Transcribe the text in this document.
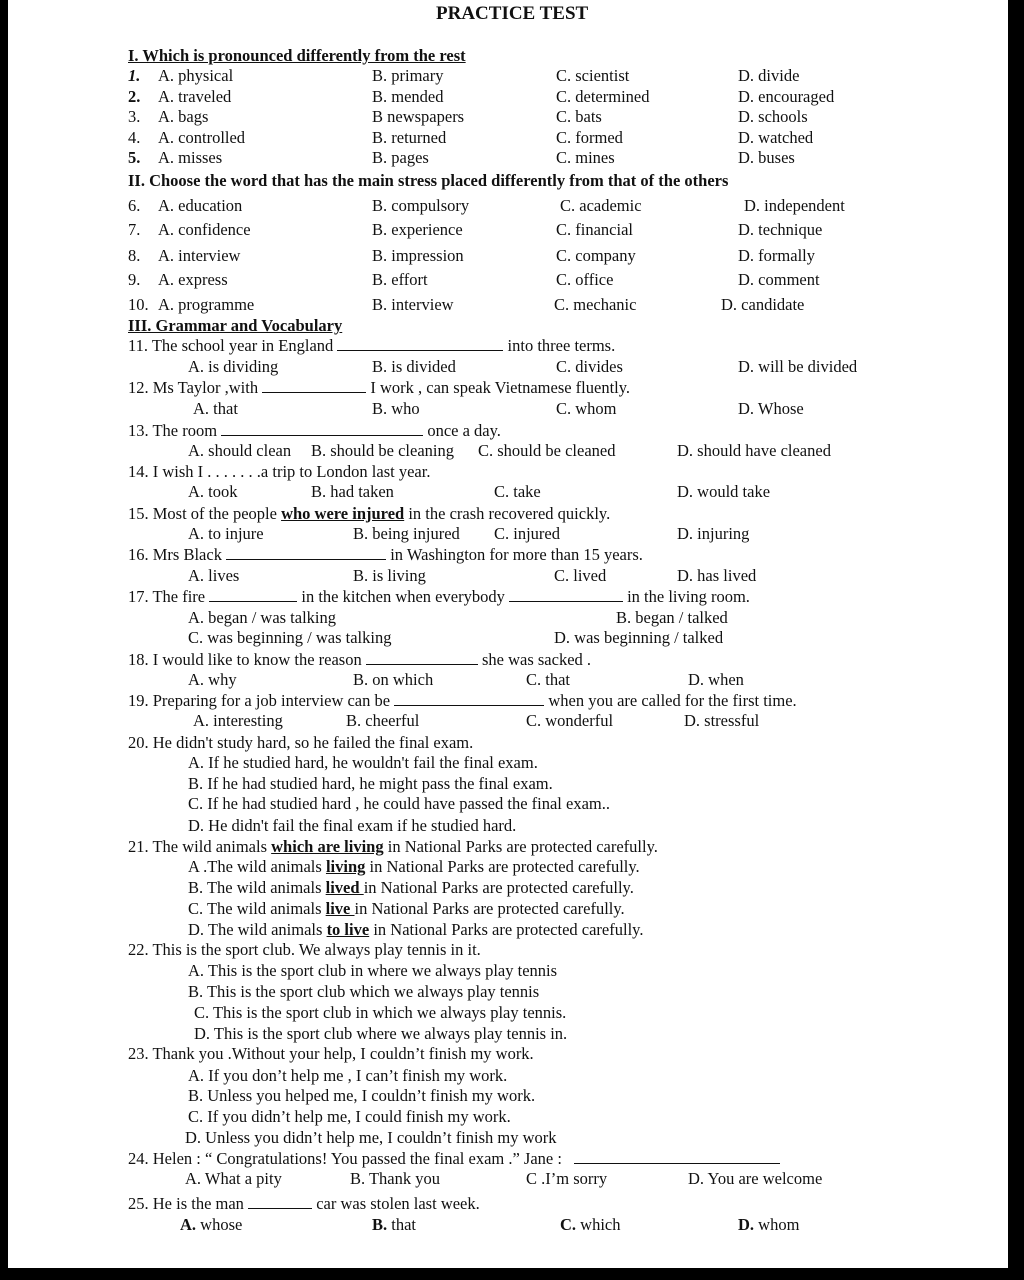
PRACTICE TEST
I. Which is pronounced differently from the rest
1. A. physical	B. primary	C. scientist	D. divide
2. A. traveled	B. mended	C. determined	D. encouraged
3. A. bags	B newspapers	C. bats	D. schools
4. A. controlled	B. returned	C. formed	D. watched
5. A. misses	B. pages	C. mines	D. buses
II. Choose the word that has the main stress placed differently from that of the others
6. A. education	B. compulsory	C. academic	D. independent
7. A. confidence	B. experience	C. financial	D. technique
8. A. interview	B. impression	C. company	D. formally
9. A. express	B. effort	C. office	D. comment
10. A. programme	B. interview	C. mechanic	D. candidate
III. Grammar and Vocabulary
11. The school year in England	into three terms.
A. is dividing	B. is divided	C. divides	D. will be divided
12. Ms Taylor ,with	I work , can speak Vietnamese fluently.
A. that	B. who	C. whom	D. Whose
13. The room	once a day.
A. should clean B. should be cleaning C. should be cleaned	D. should have cleaned
14. I wish I . . . . . . .a trip to London last year.
A. took	B. had taken	C. take	D. would take
15. Most of the people who were injured in the crash recovered quickly.
A. to injure	B. being injured C. injured	D. injuring
16. Mrs Black	in Washington for more than 15 years.
A. lives	B. is living	C. lived	D. has lived
17. The fire	in the kitchen when everybody	in the living room.
A. began / was talking	B. began / talked
C. was beginning / was talking	D. was beginning / talked
18. I would like to know the reason	she was sacked .
A. why	B. on which	C. that	D. when
19. Preparing for a job interview can be	when you are called for the first time.
A. interesting	B. cheerful	C. wonderful	D. stressful
20. He didn't study hard, so he failed the final exam.
A. If he studied hard, he wouldn't fail the final exam.
B. If he had studied hard, he might pass the final exam.
C. If he had studied hard , he could have passed the final exam..
D. He didn't fail the final exam if he studied hard.
21. The wild animals which are living in National Parks are protected carefully.
A .The wild animals living in National Parks are protected carefully.
B. The wild animals lived in National Parks are protected carefully.
C. The wild animals live in National Parks are protected carefully.
D. The wild animals to live in National Parks are protected carefully.
22. This is the sport club. We always play tennis in it.
A. This is the sport club in where we always play tennis
B. This is the sport club which we always play tennis
C. This is the sport club in which we always play tennis.
D. This is the sport club where we always play tennis in.
23. Thank you .Without your help, I couldn’t finish my work.
A. If you don’t help me , I can’t finish my work.
B. Unless you helped me, I couldn’t finish my work.
C. If you didn’t help me, I could finish my work.
D. Unless you didn’t help me, I couldn’t finish my work
24. Helen : “ Congratulations! You passed the final exam .” Jane :
A. What a pity	B. Thank you	C .I’m sorry	D. You are welcome
25. He is the man	car was stolen last week.
A. whose	B. that	C. which	D. whom
